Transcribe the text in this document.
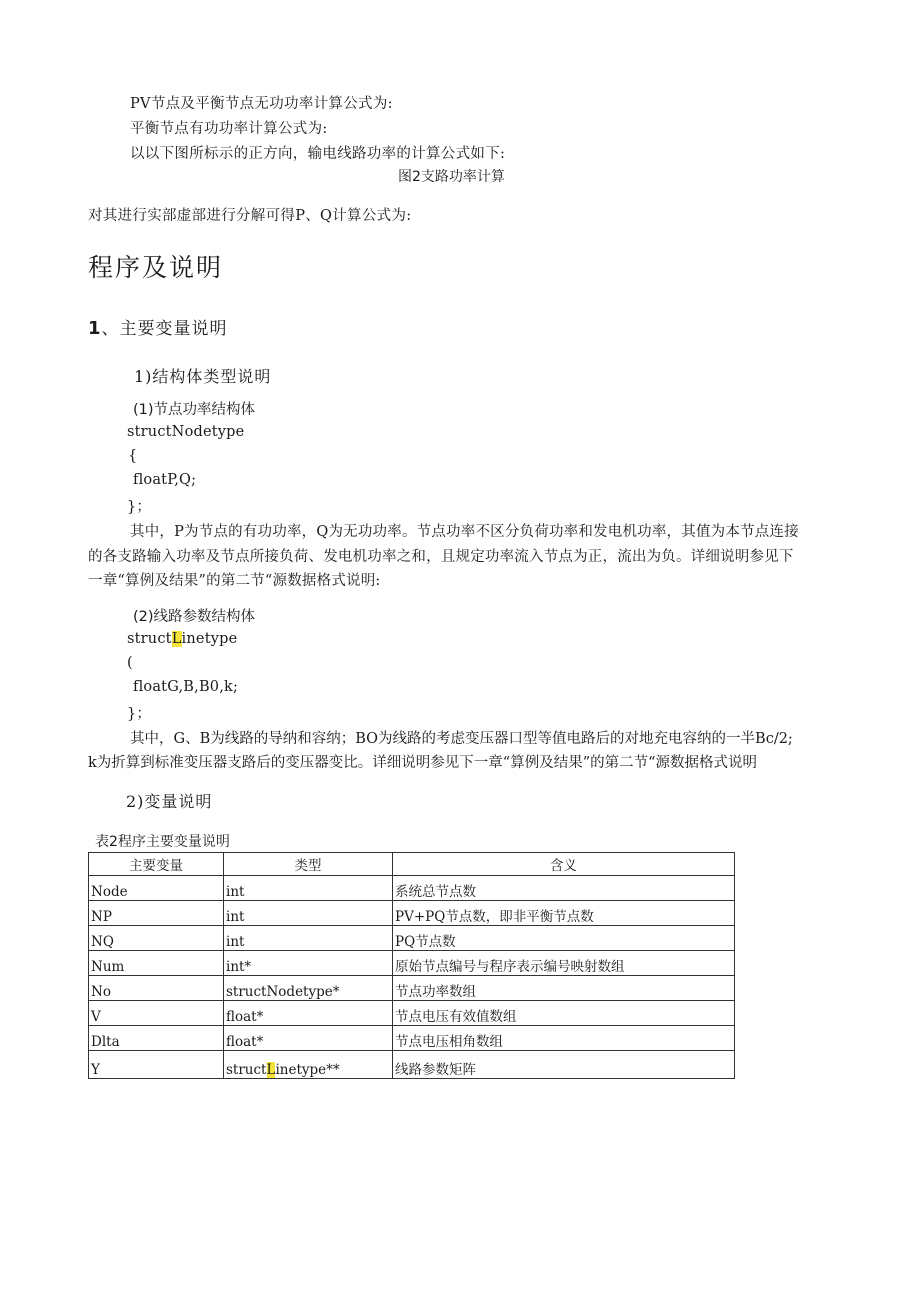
PV节点及平衡节点无功功率计算公式为:
平衡节点有功功率计算公式为:
以以下图所标示的正方向，输电线路功率的计算公式如下:
图2支路功率计算
对其进行实部虚部进行分解可得P、Q计算公式为:
程序及说明
1、主要变量说明
1)结构体类型说明
(1)节点功率结构体
structNodetype
{
floatP,Q;
}；
其中，P为节点的有功功率，Q为无功功率。节点功率不区分负荷功率和发电机功率，其值为本节点连接
的各支路输入功率及节点所接负荷、发电机功率之和，且规定功率流入节点为正，流出为负。详细说明参见下
一章“算例及结果”的第二节“源数据格式说明:
(2)线路参数结构体
structLinetype
(
floatG,B,B0,k;
}；
其中，G、B为线路的导纳和容纳；BO为线路的考虑变压器口型等值电路后的对地充电容纳的一半Bc/2;
k为折算到标准变压器支路后的变压器变比。详细说明参见下一章“算例及结果”的第二节“源数据格式说明
2)变量说明
表2程序主要变量说明
主要变量	类型	含义
Node	int	系统总节点数
NP	int	PV+PQ节点数，即非平衡节点数
NQ	int	PQ节点数
Num	int*	原始节点编号与程序表示编号映射数组
No	structNodetype*	节点功率数组
V	float*	节点电压有效值数组
Dlta	float*	节点电压相角数组
Y	structLinetype**	线路参数矩阵
